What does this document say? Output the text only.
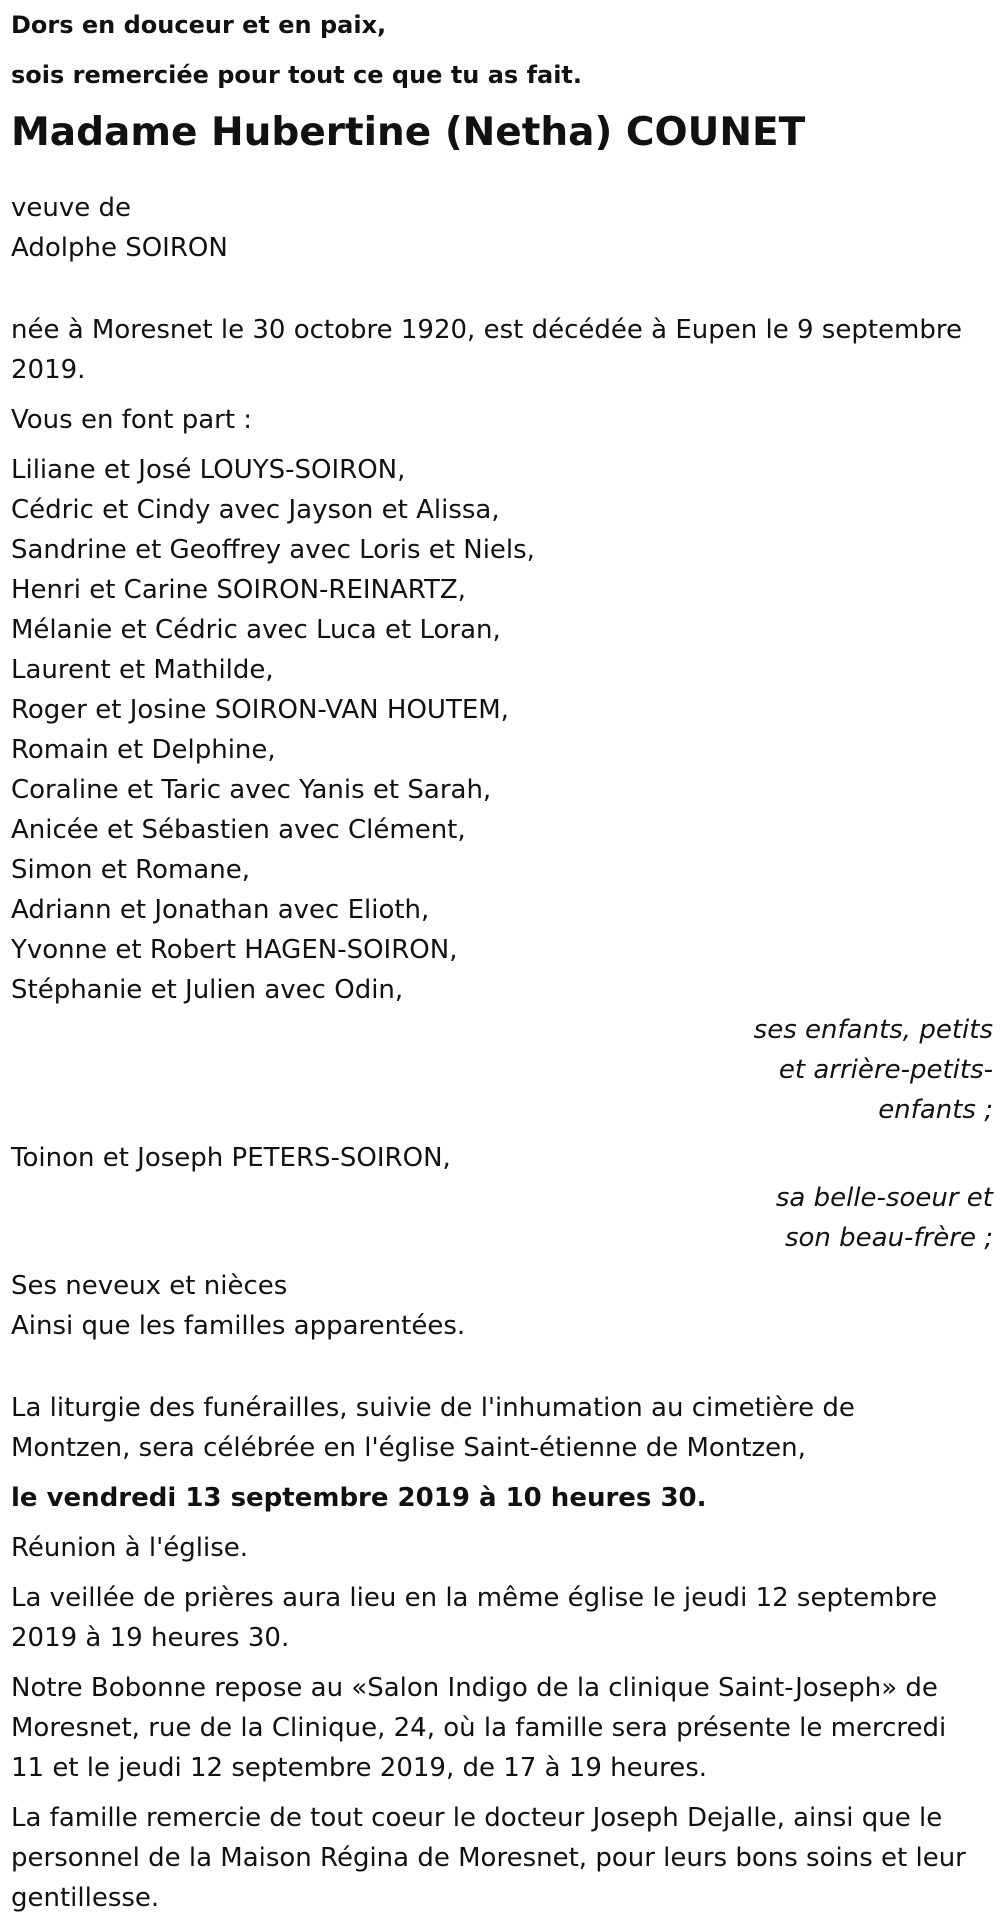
Dors en douceur et en paix,

sois remerciée pour tout ce que tu as fait.

Madame Hubertine (Netha) COUNET

veuve de

Adolphe SOIRON

née à Moresnet le 30 octobre 1920, est décédée à Eupen le 9 septembre

2019.

Vous en font part :

Liliane et José LOUYS-SOIRON,

Cédric et Cindy avec Jayson et Alissa,

Sandrine et Geoffrey avec Loris et Niels,

Henri et Carine SOIRON-REINARTZ,

Mélanie et Cédric avec Luca et Loran,

Laurent et Mathilde,

Roger et Josine SOIRON-VAN HOUTEM,

Romain et Delphine,

Coraline et Taric avec Yanis et Sarah,

Anicée et Sébastien avec Clément,

Simon et Romane,

Adriann et Jonathan avec Elioth,

Yvonne et Robert HAGEN-SOIRON,

Stéphanie et Julien avec Odin,

ses enfants, petits

et arrière-petits-

enfants ;

Toinon et Joseph PETERS-SOIRON,

sa belle-soeur et

son beau-frère ;

Ses neveux et nièces

Ainsi que les familles apparentées.

La liturgie des funérailles, suivie de l'inhumation au cimetière de

Montzen, sera célébrée en l'église Saint-étienne de Montzen,

le vendredi 13 septembre 2019 à 10 heures 30.

Réunion à l'église.

La veillée de prières aura lieu en la même église le jeudi 12 septembre

2019 à 19 heures 30.

Notre Bobonne repose au «Salon Indigo de la clinique Saint-Joseph» de

Moresnet, rue de la Clinique, 24, où la famille sera présente le mercredi

11 et le jeudi 12 septembre 2019, de 17 à 19 heures.

La famille remercie de tout coeur le docteur Joseph Dejalle, ainsi que le

personnel de la Maison Régina de Moresnet, pour leurs bons soins et leur

gentillesse.
